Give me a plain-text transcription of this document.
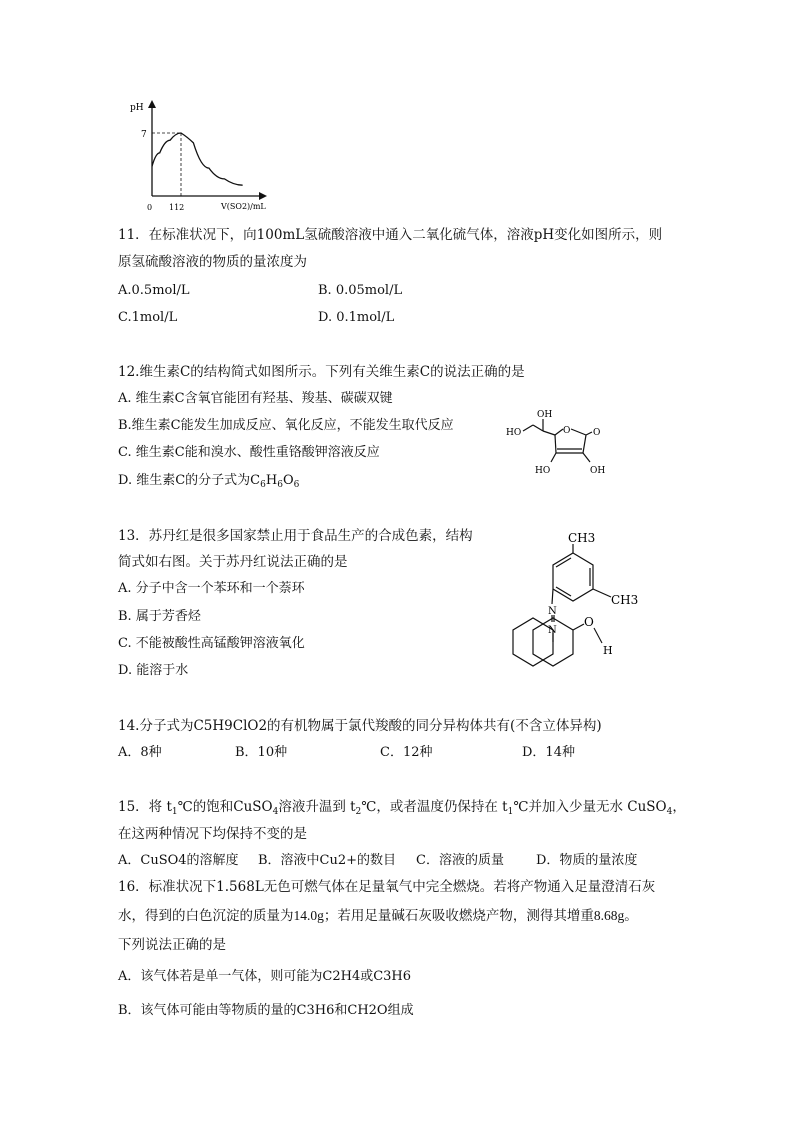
pH
7
V(SO2)/mL
0 112
11．在标准状况下，向100mL氢硫酸溶液中通入二氧化硫气体，溶液pH变化如图所示，则
原氢硫酸溶液的物质的量浓度为
A.0.5mol/L	B. 0.05mol/L
C.1mol/L	D. 0.1mol/L
12.维生素C的结构简式如图所示。下列有关维生素C的说法正确的是
A. 维生素C含氧官能团有羟基、羧基、碳碳双键
B.维生素C能发生加成反应、氧化反应，不能发生取代反应
C. 维生素C能和溴水、酸性重铬酸钾溶液反应
D. 维生素C的分子式为$C_6H_6O_6$
OH
HO	O	O
HO	OH
13．苏丹红是很多国家禁止用于食品生产的合成色素，结构
简式如右图。关于苏丹红说法正确的是
A. 分子中含一个苯环和一个萘环
B. 属于芳香烃
C. 不能被酸性高锰酸钾溶液氧化
D. 能溶于水
CH3
CH3
N
N
O
H
14.分子式为C5H9ClO2的有机物属于氯代羧酸的同分异构体共有(不含立体异构)
A．8种	B．10种	C．12种	D．14种
15．将 $t_1℃$的饱和CuSO$_4$溶液升温到 $t_2℃$，或者温度仍保持在 $t_1℃$并加入少量无水 CuSO$_4$，
在这两种情况下均保持不变的是
A．CuSO4的溶解度 B．溶液中Cu2+的数目 C．溶液的质量 D．物质的量浓度
16．标准状况下1.568L无色可燃气体在足量氧气中完全燃烧。若将产物通入足量澄清石灰
水，得到的白色沉淀的质量为14.0g；若用足量碱石灰吸收燃烧产物，测得其增重8.68g。
下列说法正确的是
A．该气体若是单一气体，则可能为C2H4或C3H6
B．该气体可能由等物质的量的C3H6和CH2O组成
